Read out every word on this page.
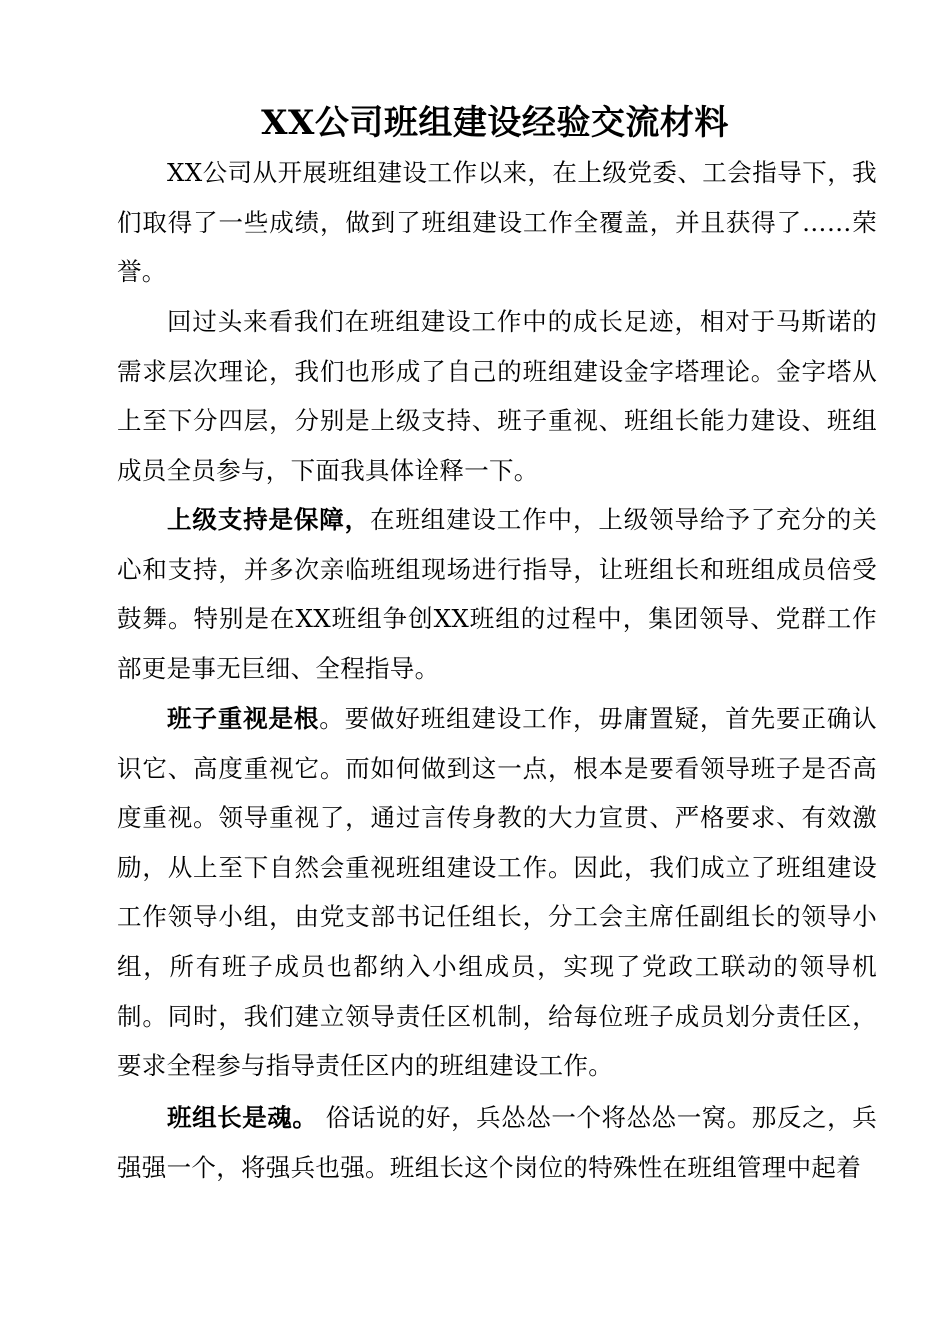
XX公司班组建设经验交流材料

XX公司从开展班组建设工作以来，在上级党委、工会指导下，我们取得了一些成绩，做到了班组建设工作全覆盖，并且获得了……荣誉。

回过头来看我们在班组建设工作中的成长足迹，相对于马斯诺的需求层次理论，我们也形成了自己的班组建设金字塔理论。金字塔从上至下分四层，分别是上级支持、班子重视、班组长能力建设、班组成员全员参与，下面我具体诠释一下。

上级支持是保障，在班组建设工作中，上级领导给予了充分的关心和支持，并多次亲临班组现场进行指导，让班组长和班组成员倍受鼓舞。特别是在XX班组争创XX班组的过程中，集团领导、党群工作部更是事无巨细、全程指导。

班子重视是根。要做好班组建设工作，毋庸置疑，首先要正确认识它、高度重视它。而如何做到这一点，根本是要看领导班子是否高度重视。领导重视了，通过言传身教的大力宣贯、严格要求、有效激励，从上至下自然会重视班组建设工作。因此，我们成立了班组建设工作领导小组，由党支部书记任组长，分工会主席任副组长的领导小组，所有班子成员也都纳入小组成员，实现了党政工联动的领导机制。同时，我们建立领导责任区机制，给每位班子成员划分责任区，要求全程参与指导责任区内的班组建设工作。

班组长是魂。 俗话说的好，兵怂怂一个将怂怂一窝。那反之，兵强强一个，将强兵也强。班组长这个岗位的特殊性在班组管理中起着
